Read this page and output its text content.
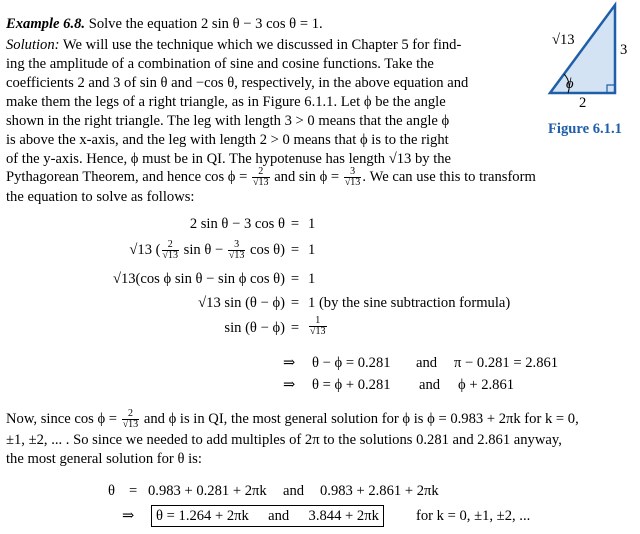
Example 6.8. Solve the equation 2 sin θ − 3 cos θ = 1.
Solution: We will use the technique which we discussed in Chapter 5 for find-
ing the amplitude of a combination of sine and cosine functions. Take the
coefficients 2 and 3 of sin θ and −cos θ, respectively, in the above equation and
make them the legs of a right triangle, as in Figure 6.1.1. Let ϕ be the angle
shown in the right triangle. The leg with length 3 > 0 means that the angle ϕ
is above the x-axis, and the leg with length 2 > 0 means that ϕ is to the right
of the y-axis. Hence, ϕ must be in QI. The hypotenuse has length √13 by the
Pythagorean Theorem, and hence $\cos \phi = \frac{2}{√13}$ and $\sin \phi = \frac{3}{√13}$ . We can use this to transform
the equation to solve as follows:
√13
3
2
ϕ
Figure 6.1.1
2 sin θ − 3 cos θ = 1
√13 ( $\frac{2}{√13}$ $\sin \theta - \frac{3}{√13}$ cos θ) = 1
√13(cos ϕ sin θ − sin ϕ cos θ) = 1
√13 sin (θ − ϕ) = 1 (by the sine subtraction formula)
$\sin (\theta - \phi) = \frac{1}{√13}$
⇒ θ − ϕ = 0.281 and π − 0.281 = 2.861
⇒ θ = ϕ + 0.281 and ϕ + 2.861
Now, since $\cos \phi = \frac{2}{√13}$ and ϕ is in QI, the most general solution for ϕ is ϕ = 0.983 + 2πk for k = 0,
±1, ±2, ... . So since we needed to add multiples of 2π to the solutions 0.281 and 2.861 anyway,
the most general solution for θ is:
θ = 0.983 + 0.281 + 2πk and 0.983 + 2.861 + 2πk
⇒	θ = 1.264 + 2πk and 3.844 + 2πk	for k = 0, ±1, ±2, ...
